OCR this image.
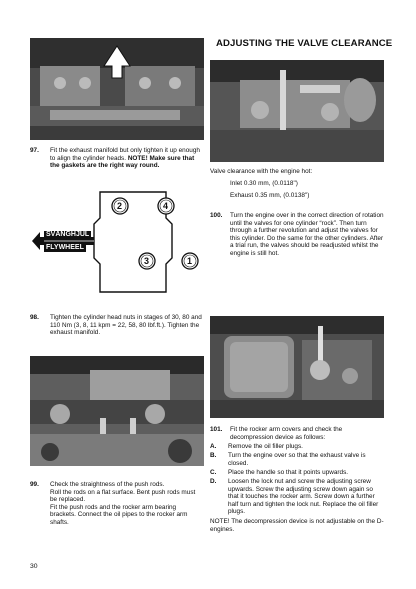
ADJUSTING THE VALVE CLEARANCE
97. Fit the exhaust manifold but only tighten it up enough to align the cylinder heads. NOTE! Make sure that the gaskets are the right way round.
SVÄNGHJUL
FLYWHEEL
2	4
3	1
98. Tighten the cylinder head nuts in stages of 30, 80 and 110 Nm (3, 8, 11 kpm = 22, 58, 80 lbf.ft.). Tighten the exhaust manifold.
99. Check the straightness of the push rods.
Roll the rods on a flat surface. Bent push rods must be replaced.
Fit the push rods and the rocker arm bearing brackets. Connect the oil pipes to the rocker arm shafts.
Valve clearance with the engine hot:
Inlet 0.30 mm, (0.0118")
Exhaust 0.35 mm, (0.0138")
100. Turn the engine over in the correct direction of rotation until the valves for one cylinder “rock”. Then turn through a further revolution and adjust the valves for this cylinder. Do the same for the other cylinders. After a trial run, the valves should be readjusted whilst the engine is still hot.
101. Fit the rocker arm covers and check the decompression device as follows:
A. Remove the oil filler plugs.
B. Turn the engine over so that the exhaust valve is closed.
C. Place the handle so that it points upwards.
D. Loosen the lock nut and screw the adjusting screw upwards. Screw the adjusting screw down again so that it touches the rocker arm. Screw down a further half turn and tighten the lock nut. Replace the oil filler plugs.
NOTE! The decompression device is not adjustable on the D-engines.
30
